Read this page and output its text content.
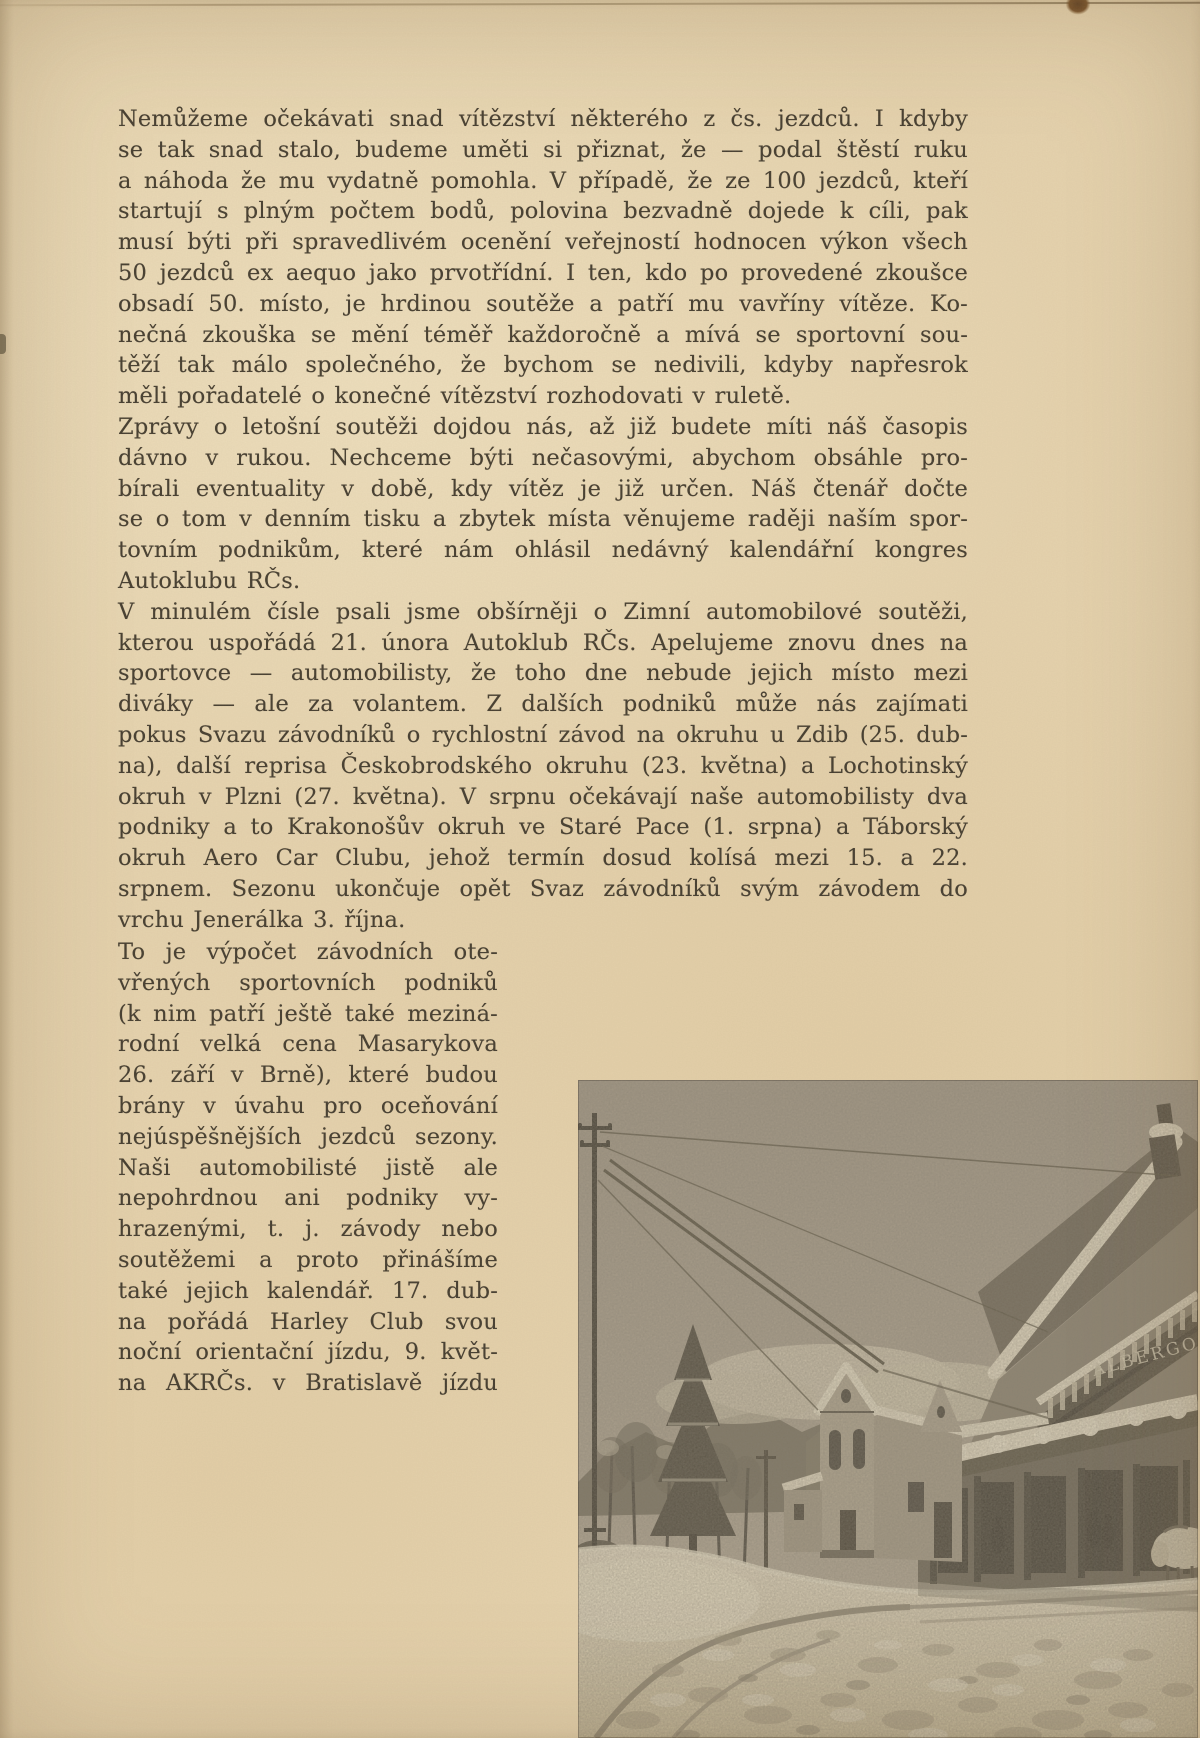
Nemůžeme očekávati snad vítězství některého z čs. jezdců. I kdyby
se tak snad stalo, budeme uměti si přiznat, že — podal štěstí ruku
a náhoda že mu vydatně pomohla. V případě, že ze 100 jezdců, kteří
startují s plným počtem bodů, polovina bezvadně dojede k cíli, pak
musí býti při spravedlivém ocenění veřejností hodnocen výkon všech
50 jezdců ex aequo jako prvotřídní. I ten, kdo po provedené zkoušce
obsadí 50. místo, je hrdinou soutěže a patří mu vavříny vítěze. Ko-
nečná zkouška se mění téměř každoročně a mívá se sportovní sou-
těží tak málo společného, že bychom se nedivili, kdyby napřesrok
měli pořadatelé o konečné vítězství rozhodovati v ruletě.
Zprávy o letošní soutěži dojdou nás, až již budete míti náš časopis
dávno v rukou. Nechceme býti nečasovými, abychom obsáhle pro-
bírali eventuality v době, kdy vítěz je již určen. Náš čtenář dočte
se o tom v denním tisku a zbytek místa věnujeme raději naším spor-
tovním podnikům, které nám ohlásil nedávný kalendářní kongres
Autoklubu RČs.
V minulém čísle psali jsme obšírněji o Zimní automobilové soutěži,
kterou uspořádá 21. února Autoklub RČs. Apelujeme znovu dnes na
sportovce — automobilisty, že toho dne nebude jejich místo mezi
diváky — ale za volantem. Z dalších podniků může nás zajímati
pokus Svazu závodníků o rychlostní závod na okruhu u Zdib (25. dub-
na), další reprisa Českobrodského okruhu (23. května) a Lochotinský
okruh v Plzni (27. května). V srpnu očekávají naše automobilisty dva
podniky a to Krakonošův okruh ve Staré Pace (1. srpna) a Táborský
okruh Aero Car Clubu, jehož termín dosud kolísá mezi 15. a 22.
srpnem. Sezonu ukončuje opět Svaz závodníků svým závodem do
vrchu Jenerálka 3. října.
To je výpočet závodních ote-
vřených sportovních podniků
(k nim patří ještě také meziná-
rodní velká cena Masarykova
26. září v Brně), které budou
brány v úvahu pro oceňování
nejúspěšnějších jezdců sezony.
Naši automobilisté jistě ale
nepohrdnou ani podniky vy-
hrazenými, t. j. závody nebo
soutěžemi a proto přinášíme
také jejich kalendář. 17. dub-
na pořádá Harley Club svou
noční orientační jízdu, 9. květ-
na AKRČs. v Bratislavě jízdu
